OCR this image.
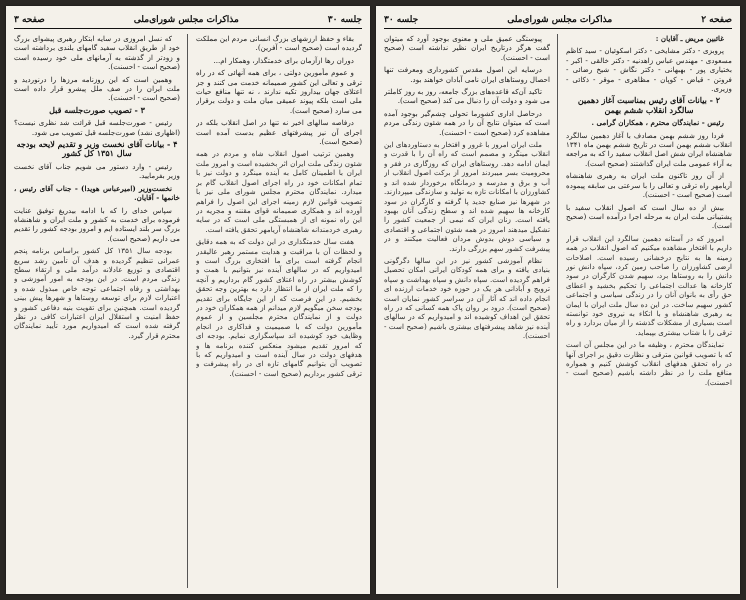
جلسه ۳۰
مذاکرات مجلس شورای‌ملی
صفحه ۳

بقاء و حفظ ارزشهای بزرگ انسانی مردم این مملکت گردیده است (صحیح است - آفرین).

دوران رها ازآزمان برای خدمتگذار، وهمکار ام...

و عموم مأمورین دولتی ، برای همه آنهائی که در راه ترقی و تعالی این کشور صمیمانه خدمت می کنند و جز اعتلای جهان بیداروز تکیه ندارند ، نه تنها منافع حیات ملی است بلکه پیوند عمیقی میان ملت و دولت برقرار می سازد (صحیح است).

درفاصه سالهای اخیر نه تنها در اصل انقلاب بلکه در اجرای آن نیز پیشرفتهای عظیم بدست آمده است (صحیح است).

وهمین ترتیب اصول انقلاب شاه و مردم در همه شئون زندگی ملت ایران اثر بخشیده است و امروز ملت ایران با اطمینان کامل به آینده مینگرد و دولت نیز با تمام امکانات خود در راه اجرای اصول انقلاب گام بر میدارد. نمایندگان محترم مجلس شورای ملی نیز با تصویب قوانین لازم زمینه اجرای این اصول را فراهم آورده اند و همکاری صمیمانه قوای مقننه و مجریه در این راه نمونه ای از همبستگی ملی است که در سایه رهبری خردمندانه شاهنشاه آریامهر تحقق یافته است.

هفت سال خدمتگذاری در این دولت که به همه دقایق و لحظات آن با مراقبت و هدایت مستمر رهبر عالیقدر انجام گرفته است برای ما افتخاری بزرگ است و امیدواریم که در سالهای آینده نیز بتوانیم با همت و کوشش بیشتر در راه اعتلای کشور گام برداریم و آنچه را که ملت ایران از ما انتظار دارد به بهترین وجه تحقق بخشیم. در این فرصت که از این جایگاه برای تقدیم بودجه سخن میگویم لازم میدانم از همه همکاران خود در دولت و از نمایندگان محترم مجلسین و از عموم مأمورین دولت که با صمیمیت و فداکاری در انجام وظایف خود کوشیده اند سپاسگزاری نمایم. بودجه ای که امروز تقدیم میشود منعکس کننده برنامه ها و هدفهای دولت در سال آینده است و امیدواریم که با تصویب آن بتوانیم گامهای تازه ای در راه پیشرفت و ترقی کشور برداریم (صحیح است - احسنت).

که نسل امروزی در سایه ابتکار رهبری پیشوای بزرگ خود از طریق انقلاب سفید گامهای بلندی برداشته است و زودتر از گذشته به آرمانهای ملی خود رسیده است (صحیح است - احسنت).

وهمین است که این روزنامه مرزها را درنوردید و ملت ایران را در صف ملل پیشرو قرار داده است (صحیح است - احسنت).

۳ - تصویب صورت‌جلسه قبل

رئیس - صورت‌جلسه قبل قرائت شد نظری نیست؟ (اظهاری نشد) صورت‌جلسه قبل تصویب می شود.

۴ - بیانات آقای نخست وزیر و تقدیم لایحه بودجه سال ۱۳۵۱ کل کشور

رئیس - وارد دستور می شویم جناب آقای نخست وزیر بفرمایید.

نخست‌وزیر (امیرعباس هویدا) - جناب آقای رئیس ، خانمها - آقایان.

سپاس خدای را که با ادامه بیدریغ توفیق عنایت فرموده برای خدمت به کشور و ملت ایران و شاهنشاه بزرگ سر بلند ایستاده ایم و امروز بودجه کشور را تقدیم می داریم (صحیح است).

بودجه سال ۱۳۵۱ کل کشور براساس برنامه پنجم عمرانی تنظیم گردیده و هدف آن تأمین رشد سریع اقتصادی و توزیع عادلانه درآمد ملی و ارتقاء سطح زندگی مردم است. در این بودجه به امور آموزشی و بهداشتی و رفاه اجتماعی توجه خاص مبذول شده و اعتبارات لازم برای توسعه روستاها و شهرها پیش بینی گردیده است. همچنین برای تقویت بنیه دفاعی کشور و حفظ امنیت و استقلال ایران اعتبارات کافی در نظر گرفته شده است که امیدواریم مورد تأیید نمایندگان محترم قرار گیرد.

صفحه ۲
مذاکرات مجلس شورای‌ملی
جلسه ۳۰

غائبین مریض ـ آقایان :

پروبزی - دکتر مشایخی - دکتر اسکوئیان - سید کاظم مسعودی - مهندس عباس زاهدنیه - دکتر خالقی - اکبر - بختیاری پور - بهبهانی - دکتر نگاش - شیخ رضائی - فروتن - قیاض - کوپان - مظاهری - موقر - ذکائی - وزیری.

۲ - بیانات آقای رئیس بمناسبت آغاز دهمین سالگرد انقلاب ششم بهمن

رئیس - نمایندگان محترم ، همکاران گرامی .

فردا روز ششم بهمن مصادف با آغاز دهمین سالگرد انقلاب ششم بهمن است در تاریخ ششم بهمن ماه ۱۳۴۱ شاهنشاه ایران شش اصل انقلاب سفید را که به مراجعه به آراء عمومی ملت ایران گذاشتند (صحیح است).

از آن روز تاکنون ملت ایران به رهبری شاهنشاه آریامهر راه ترقی و تعالی را با سرعتی بی سابقه پیموده است (صحیح است - احسنت).

بیش از ده سال است که اصول انقلاب سفید با پشتیبانی ملت ایران به مرحله اجرا درآمده است (صحیح است).

امروز که در آستانه دهمین سالگرد این انقلاب قرار داریم با افتخار مشاهده میکنیم که اصول انقلاب در همه زمینه ها به نتایج درخشانی رسیده است. اصلاحات ارضی کشاورزان را صاحب زمین کرد، سپاه دانش نور دانش را به روستاها برد، سهیم شدن کارگران در سود کارخانه ها عدالت اجتماعی را تحکیم بخشید و اعطای حق رأی به بانوان آنان را در زندگی سیاسی و اجتماعی کشور سهیم ساخت. در این ده سال ملت ایران با ایمان به رهبری شاهنشاه و با اتکاء به نیروی خود توانسته است بسیاری از مشکلات گذشته را از میان بردارد و راه ترقی را با شتاب بیشتری بپیماید.

نمایندگان محترم ، وظیفه ما در این مجلس آن است که با تصویب قوانین مترقی و نظارت دقیق بر اجرای آنها در راه تحقق هدفهای انقلاب کوشش کنیم و همواره منافع ملت را در نظر داشته باشیم (صحیح است - احسنت).

پیوستگی عمیق ملی و معنوی بوجود آورد که میتوان گفت هرگز درتاریخ ایران نظیر نداشته است (صحیح است - احسنت).

درسایه این اصول مقدس کشورداری ومعرفت تنها احصال روستاهای ایران نامی آبادان خواهند بود.

تاکید آن‌که قاعده‌های بزرگ جامعه، روز به روز کاملتر می شود و دولت آن را دنبال می کند (صحیح است).

درحاصل اداری کشورما تحولی چشم‌گیر بوجود آمده است که میتوان نتایج آن را در همه شئون زندگی مردم مشاهده کرد (صحیح است - احسنت).

ملت ایران امروز با غرور و افتخار به دستاوردهای این انقلاب مینگرد و مصمم است که راه آن را با قدرت و ایمان ادامه دهد. روستاهای ایران که روزگاری در فقر و محرومیت بسر میبردند امروز از برکت اصول انقلاب از آب و برق و مدرسه و درمانگاه برخوردار شده اند و کشاورزان با امکانات تازه به تولید و سازندگی میپردازند. در شهرها نیز صنایع جدید پا گرفته و کارگران در سود کارخانه ها سهیم شده اند و سطح زندگی آنان بهبود یافته است. زنان ایران که نیمی از جمعیت کشور را تشکیل میدهند امروز در همه شئون اجتماعی و اقتصادی و سیاسی دوش بدوش مردان فعالیت میکنند و در پیشرفت کشور سهم بزرگی دارند.

نظام آموزشی کشور نیز در این سالها دگرگونی بنیادی یافته و برای همه کودکان ایرانی امکان تحصیل فراهم گردیده است. سپاه دانش و سپاه بهداشت و سپاه ترویج و آبادانی هر یک در حوزه خود خدمات ارزنده ای انجام داده اند که آثار آن در سراسر کشور نمایان است (صحیح است). درود بر روان پاک همه کسانی که در راه تحقق این اهداف کوشیده اند و امیدواریم که در سالهای آینده نیز شاهد پیشرفتهای بیشتری باشیم (صحیح است - احسنت).
